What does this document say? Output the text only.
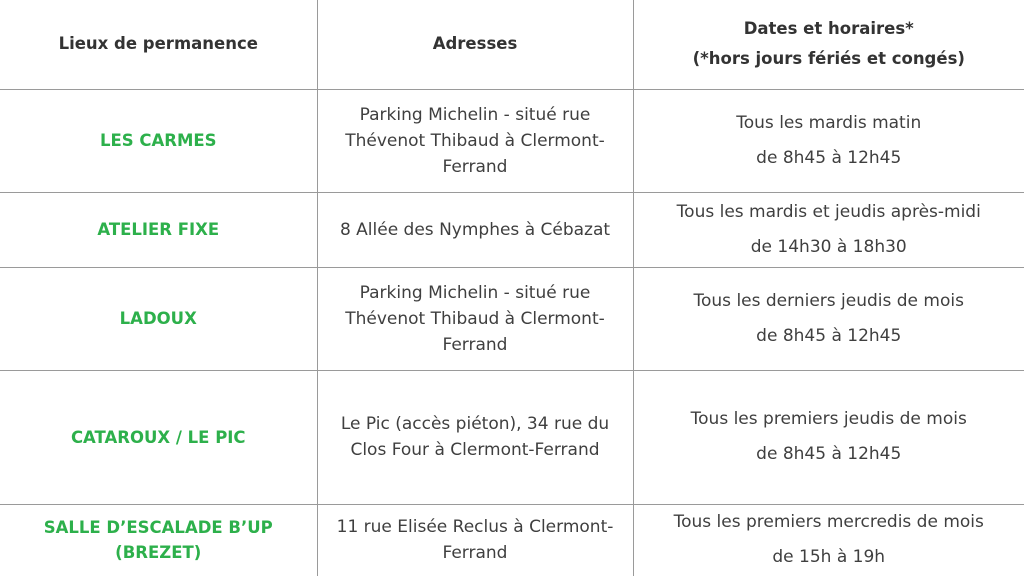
Lieux de permanence	Adresses	Dates et horaires*
(*hors jours fériés et congés)

LES CARMES	Parking Michelin - situé rue Thévenot Thibaud à Clermont-Ferrand	Tous les mardis matin
de 8h45 à 12h45

ATELIER FIXE	8 Allée des Nymphes à Cébazat	Tous les mardis et jeudis après-midi
de 14h30 à 18h30

LADOUX	Parking Michelin - situé rue Thévenot Thibaud à Clermont-Ferrand	Tous les derniers jeudis de mois
de 8h45 à 12h45

CATAROUX / LE PIC	Le Pic (accès piéton), 34 rue du Clos Four à Clermont-Ferrand	Tous les premiers jeudis de mois
de 8h45 à 12h45

SALLE D’ESCALADE B’UP (BREZET)	11 rue Elisée Reclus à Clermont-Ferrand	Tous les premiers mercredis de mois
de 15h à 19h
